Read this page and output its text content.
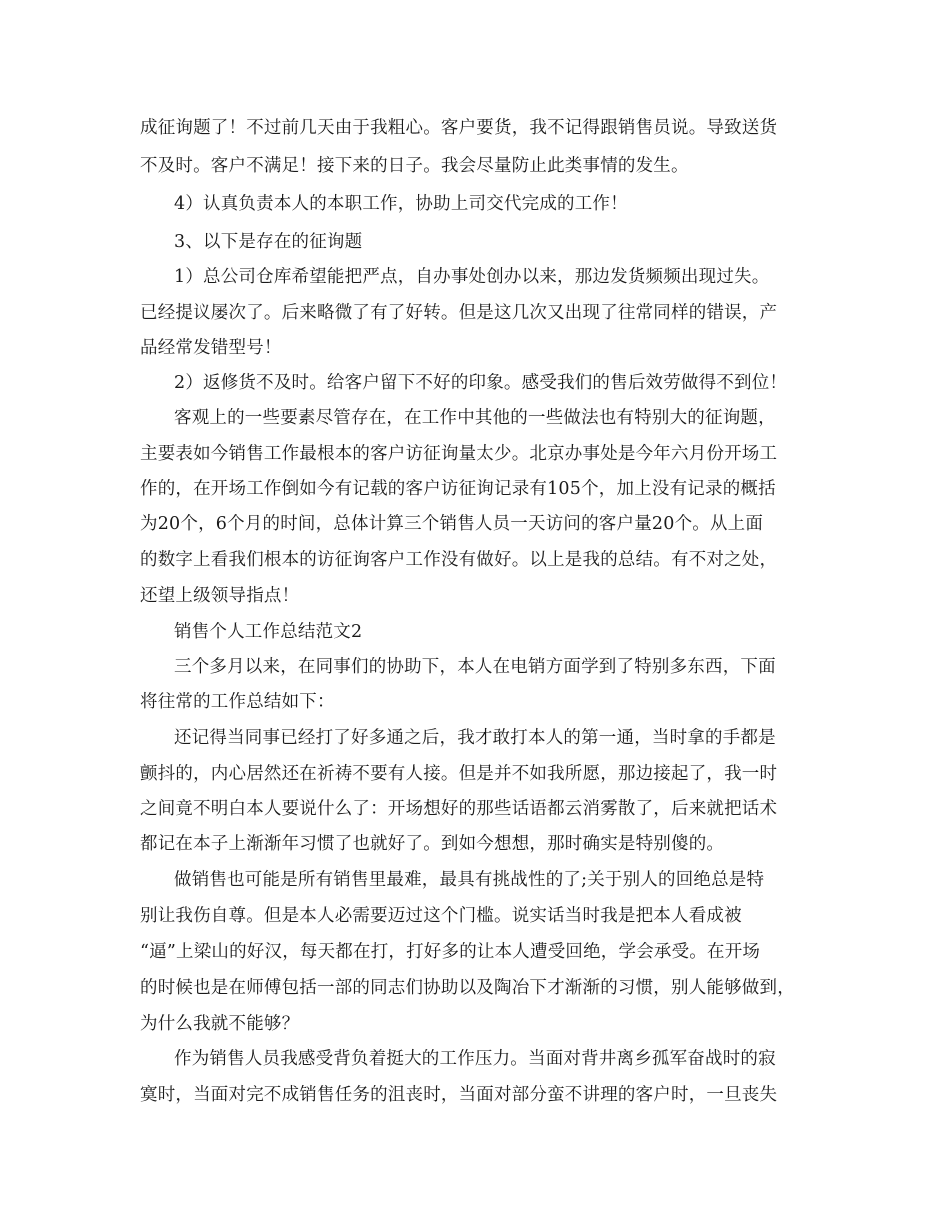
成征询题了！不过前几天由于我粗心。客户要货，我不记得跟销售员说。导致送货
不及时。客户不满足！接下来的日子。我会尽量防止此类事情的发生。
4）认真负责本人的本职工作，协助上司交代完成的工作！
3、以下是存在的征询题
1）总公司仓库希望能把严点，自办事处创办以来，那边发货频频出现过失。
已经提议屡次了。后来略微了有了好转。但是这几次又出现了往常同样的错误，产
品经常发错型号！
2）返修货不及时。给客户留下不好的印象。感受我们的售后效劳做得不到位！
客观上的一些要素尽管存在，在工作中其他的一些做法也有特别大的征询题，
主要表如今销售工作最根本的客户访征询量太少。北京办事处是今年六月份开场工
作的，在开场工作倒如今有记载的客户访征询记录有105个，加上没有记录的概括
为20个，6个月的时间，总体计算三个销售人员一天访问的客户量20个。从上面
的数字上看我们根本的访征询客户工作没有做好。以上是我的总结。有不对之处，
还望上级领导指点！
销售个人工作总结范文2
三个多月以来，在同事们的协助下，本人在电销方面学到了特别多东西，下面
将往常的工作总结如下：
还记得当同事已经打了好多通之后，我才敢打本人的第一通，当时拿的手都是
颤抖的，内心居然还在祈祷不要有人接。但是并不如我所愿，那边接起了，我一时
之间竟不明白本人要说什么了：开场想好的那些话语都云消雾散了，后来就把话术
都记在本子上渐渐年习惯了也就好了。到如今想想，那时确实是特别傻的。
做销售也可能是所有销售里最难，最具有挑战性的了;关于别人的回绝总是特
别让我伤自尊。但是本人必需要迈过这个门槛。说实话当时我是把本人看成被
“逼”上梁山的好汉，每天都在打，打好多的让本人遭受回绝，学会承受。在开场
的时候也是在师傅包括一部的同志们协助以及陶冶下才渐渐的习惯，别人能够做到，
为什么我就不能够？
作为销售人员我感受背负着挺大的工作压力。当面对背井离乡孤军奋战时的寂
寞时，当面对完不成销售任务的沮丧时，当面对部分蛮不讲理的客户时，一旦丧失
